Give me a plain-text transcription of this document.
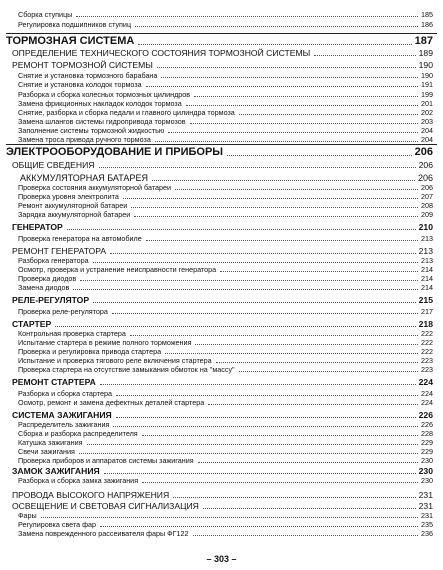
Сборка ступицы	185
Регулировка подшипников ступиц	186
ТОРМОЗНАЯ СИСТЕМА	187
ОПРЕДЕЛЕНИЕ ТЕХНИЧЕСКОГО СОСТОЯНИЯ ТОРМОЗНОЙ СИСТЕМЫ	189
РЕМОНТ ТОРМОЗНОЙ СИСТЕМЫ	190
Снятие и установка тормозного барабана	190
Снятие и установка колодок тормоза	191
Разборка и сборка колесных тормозных цилиндров	199
Замена фрикционных накладок колодок тормоза	201
Снятие, разборка и сборка педали и главного цилиндра тормоза	202
Замена шлангов системы гидропривода тормозов	203
Заполнение системы тормозной жидкостью	204
Замена троса привода ручного тормоза	204
ЭЛЕКТРООБОРУДОВАНИЕ И ПРИБОРЫ	206
ОБЩИЕ СВЕДЕНИЯ	206
АККУМУЛЯТОРНАЯ БАТАРЕЯ	206
Проверка состояния аккумуляторной батареи	206
Проверка уровня электролита	207
Ремонт аккумуляторной батареи	208
Зарядка аккумуляторной батареи	209
ГЕНЕРАТОР	210
Проверка генератора на автомобиле	213
РЕМОНТ ГЕНЕРАТОРА	213
Разборка генератора	213
Осмотр, проверка и устранение неисправности генератора	214
Проверка диодов	214
Замена диодов	214
РЕЛЕ-РЕГУЛЯТОР	215
Проверка реле-регулятора	217
СТАРТЕР	218
Контрольная проверка стартера	222
Испытание стартера в режиме полного торможения	222
Проверка и регулировка привода стартера	222
Испытание и проверка тягового реле включения стартера	223
Проверка стартера на отсутствие замыкания обмоток на "массу"	223
РЕМОНТ СТАРТЕРА	224
Разборка и сборка стартера	224
Осмотр, ремонт и замена дефектных деталей стартера	224
СИСТЕМА ЗАЖИГАНИЯ	226
Распределитель зажигания	226
Сборка и разборка распределителя	228
Катушка зажигания	229
Свечи зажигания	229
Проверка приборов и аппаратов системы зажигания	230
ЗАМОК ЗАЖИГАНИЯ	230
Разборка и сборка замка зажигания	230
ПРОВОДА ВЫСОКОГО НАПРЯЖЕНИЯ	231
ОСВЕЩЕНИЕ И СВЕТОВАЯ СИГНАЛИЗАЦИЯ	231
Фары	231
Регулировка света фар	235
Замена поврежденного рассеивателя фары ФГ122	236
– 303 –
